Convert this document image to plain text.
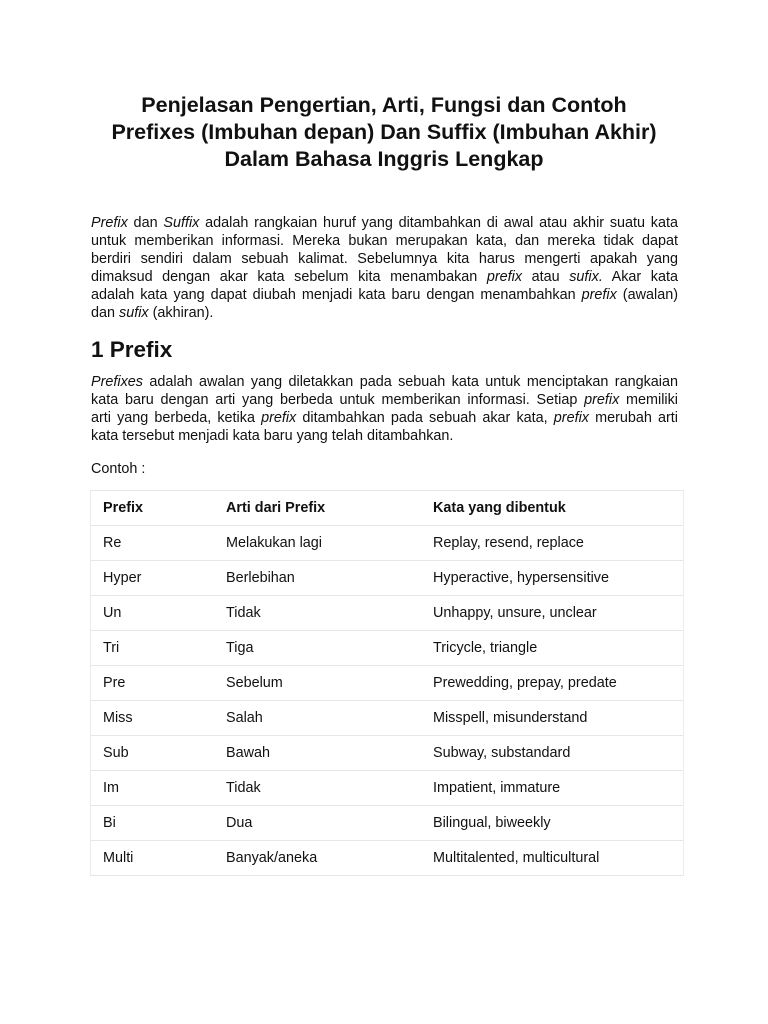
Penjelasan Pengertian, Arti, Fungsi dan Contoh
Prefixes (Imbuhan depan) Dan Suffix (Imbuhan Akhir)
Dalam Bahasa Inggris Lengkap

Prefix dan Suffix adalah rangkaian huruf yang ditambahkan di awal atau akhir suatu kata
untuk memberikan informasi. Mereka bukan merupakan kata, dan mereka tidak dapat
berdiri sendiri dalam sebuah kalimat. Sebelumnya kita harus mengerti apakah yang
dimaksud dengan akar kata sebelum kita menambakan prefix atau sufix. Akar kata
adalah kata yang dapat diubah menjadi kata baru dengan menambahkan prefix (awalan)
dan sufix (akhiran).

1 Prefix

Prefixes adalah awalan yang diletakkan pada sebuah kata untuk menciptakan rangkaian
kata baru dengan arti yang berbeda untuk memberikan informasi. Setiap prefix memiliki
arti yang berbeda, ketika prefix ditambahkan pada sebuah akar kata, prefix merubah arti
kata tersebut menjadi kata baru yang telah ditambahkan.

Contoh :

Prefix	Arti dari Prefix	Kata yang dibentuk
Re	Melakukan lagi	Replay, resend, replace
Hyper	Berlebihan	Hyperactive, hypersensitive
Un	Tidak	Unhappy, unsure, unclear
Tri	Tiga	Tricycle, triangle
Pre	Sebelum	Prewedding, prepay, predate
Miss	Salah	Misspell, misunderstand
Sub	Bawah	Subway, substandard
Im	Tidak	Impatient, immature
Bi	Dua	Bilingual, biweekly
Multi	Banyak/aneka	Multitalented, multicultural
